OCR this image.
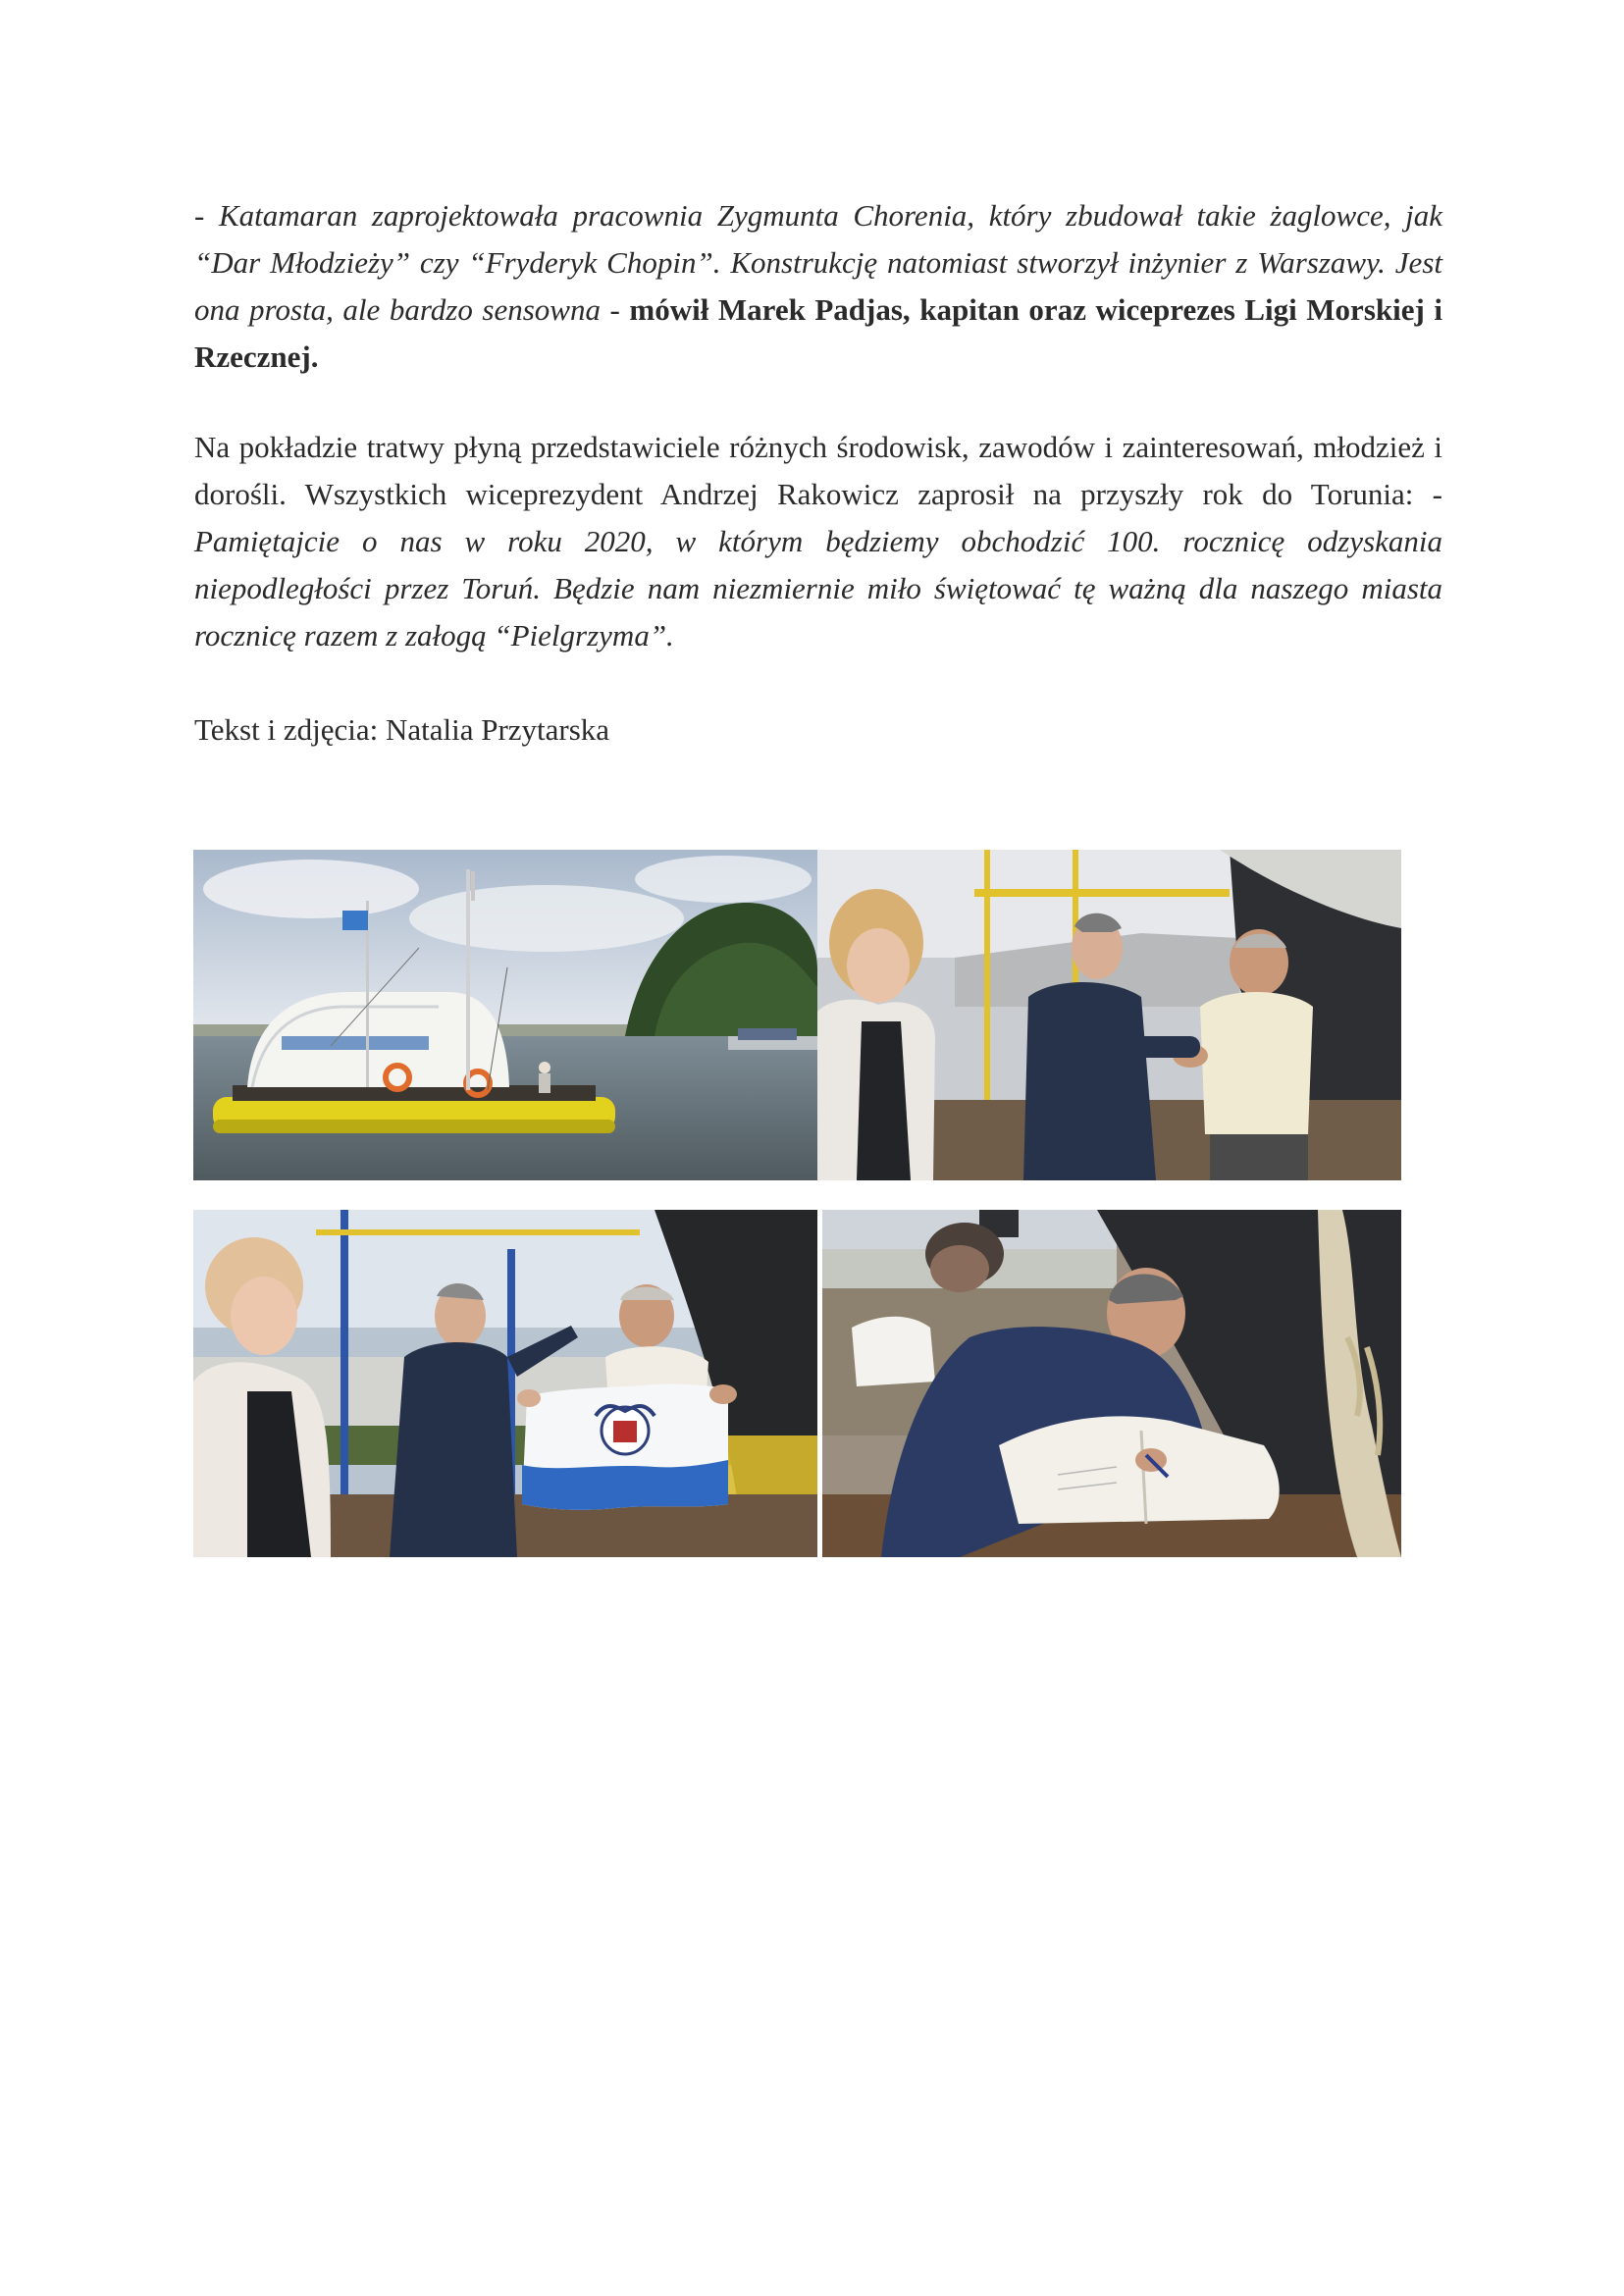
- Katamaran zaprojektowała pracownia Zygmunta Chorenia, który zbudował takie żaglowce, jak “Dar Młodzieży” czy “Fryderyk Chopin”. Konstrukcję natomiast stworzył inżynier z Warszawy. Jest ona prosta, ale bardzo sensowna - mówił Marek Padjas, kapitan oraz wiceprezes Ligi Morskiej i Rzecznej.

Na pokładzie tratwy płyną przedstawiciele różnych środowisk, zawodów i zainteresowań, młodzież i dorośli. Wszystkich wiceprezydent Andrzej Rakowicz zaprosił na przyszły rok do Torunia: - Pamiętajcie o nas w roku 2020, w którym będziemy obchodzić 100. rocznicę odzyskania niepodległości przez Toruń. Będzie nam niezmiernie miło świętować tę ważną dla naszego miasta rocznicę razem z załogą “Pielgrzyma”.

Tekst i zdjęcia: Natalia Przytarska
